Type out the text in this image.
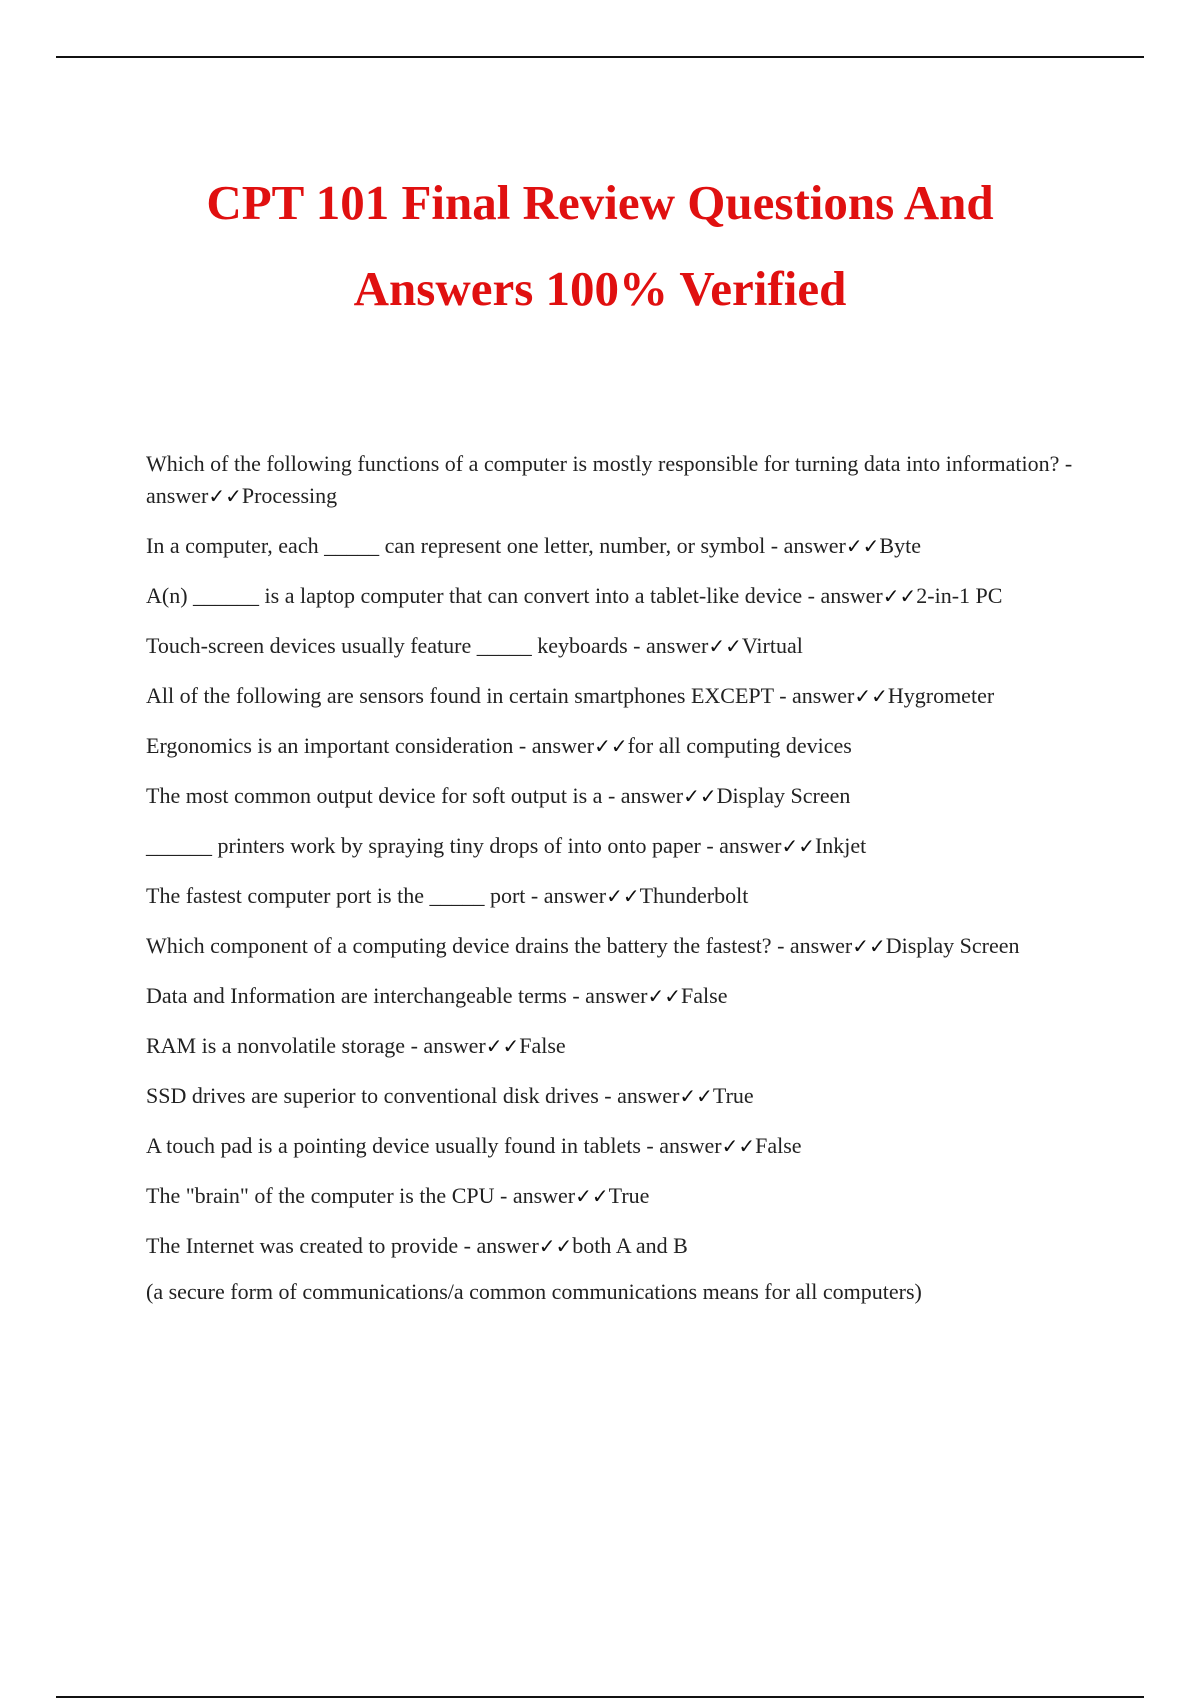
CPT 101 Final Review Questions And
Answers 100% Verified

Which of the following functions of a computer is mostly responsible for turning data into information? - answer✓✓Processing

In a computer, each _____ can represent one letter, number, or symbol - answer✓✓Byte

A(n) ______ is a laptop computer that can convert into a tablet-like device - answer✓✓2-in-1 PC

Touch-screen devices usually feature _____ keyboards - answer✓✓Virtual

All of the following are sensors found in certain smartphones EXCEPT - answer✓✓Hygrometer

Ergonomics is an important consideration - answer✓✓for all computing devices

The most common output device for soft output is a - answer✓✓Display Screen

______ printers work by spraying tiny drops of into onto paper - answer✓✓Inkjet

The fastest computer port is the _____ port - answer✓✓Thunderbolt

Which component of a computing device drains the battery the fastest? - answer✓✓Display Screen

Data and Information are interchangeable terms - answer✓✓False

RAM is a nonvolatile storage - answer✓✓False

SSD drives are superior to conventional disk drives - answer✓✓True

A touch pad is a pointing device usually found in tablets - answer✓✓False

The "brain" of the computer is the CPU - answer✓✓True

The Internet was created to provide - answer✓✓both A and B

(a secure form of communications/a common communications means for all computers)
